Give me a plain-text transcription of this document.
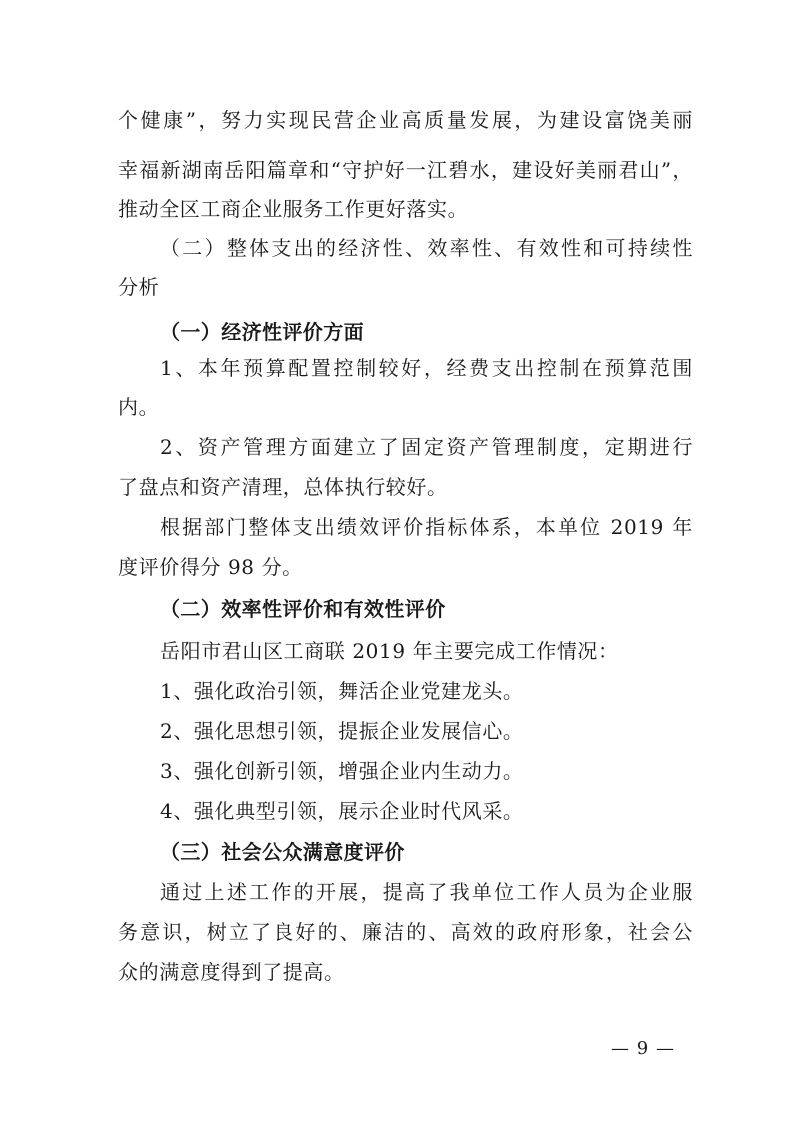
个健康”，努力实现民营企业高质量发展，为建设富饶美丽
幸福新湖南岳阳篇章和“守护好一江碧水，建设好美丽君山”，
推动全区工商企业服务工作更好落实。
（二）整体支出的经济性、效率性、有效性和可持续性
分析
（一）经济性评价方面
1、本年预算配置控制较好，经费支出控制在预算范围
内。
2、资产管理方面建立了固定资产管理制度，定期进行
了盘点和资产清理，总体执行较好。
根据部门整体支出绩效评价指标体系，本单位 2019 年
度评价得分 98 分。
（二）效率性评价和有效性评价
岳阳市君山区工商联 2019 年主要完成工作情况：
1、强化政治引领，舞活企业党建龙头。
2、强化思想引领，提振企业发展信心。
3、强化创新引领，增强企业内生动力。
4、强化典型引领，展示企业时代风采。
（三）社会公众满意度评价
通过上述工作的开展，提高了我单位工作人员为企业服
务意识，树立了良好的、廉洁的、高效的政府形象，社会公
众的满意度得到了提高。
— 9 —
